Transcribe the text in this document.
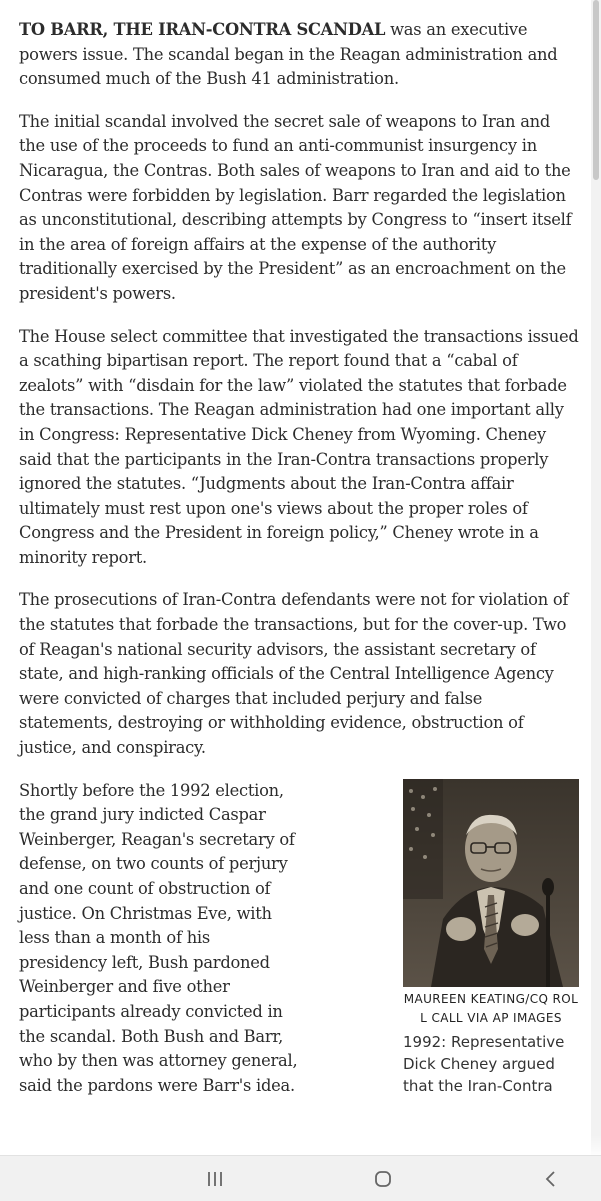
TO BARR, THE IRAN-CONTRA SCANDAL was an executive powers issue. The scandal began in the Reagan administration and consumed much of the Bush 41 administration.

The initial scandal involved the secret sale of weapons to Iran and the use of the proceeds to fund an anti-communist insurgency in Nicaragua, the Contras. Both sales of weapons to Iran and aid to the Contras were forbidden by legislation. Barr regarded the legislation as unconstitutional, describing attempts by Congress to “insert itself in the area of foreign affairs at the expense of the authority traditionally exercised by the President” as an encroachment on the president's powers.

The House select committee that investigated the transactions issued a scathing bipartisan report. The report found that a “cabal of zealots” with “disdain for the law” violated the statutes that forbade the transactions. The Reagan administration had one important ally in Congress: Representative Dick Cheney from Wyoming. Cheney said that the participants in the Iran-Contra transactions properly ignored the statutes. “Judgments about the Iran-Contra affair ultimately must rest upon one's views about the proper roles of Congress and the President in foreign policy,” Cheney wrote in a minority report.

The prosecutions of Iran-Contra defendants were not for violation of the statutes that forbade the transactions, but for the cover-up. Two of Reagan's national security advisors, the assistant secretary of state, and high-ranking officials of the Central Intelligence Agency were convicted of charges that included perjury and false statements, destroying or withholding evidence, obstruction of justice, and conspiracy.

Shortly before the 1992 election, the grand jury indicted Caspar Weinberger, Reagan's secretary of defense, on two counts of perjury and one count of obstruction of justice. On Christmas Eve, with less than a month of his presidency left, Bush pardoned Weinberger and five other participants already convicted in the scandal. Both Bush and Barr, who by then was attorney general, said the pardons were Barr's idea.

MAUREEN KEATING/CQ ROL L CALL VIA AP IMAGES
1992: Representative Dick Cheney argued that the Iran-Contra
